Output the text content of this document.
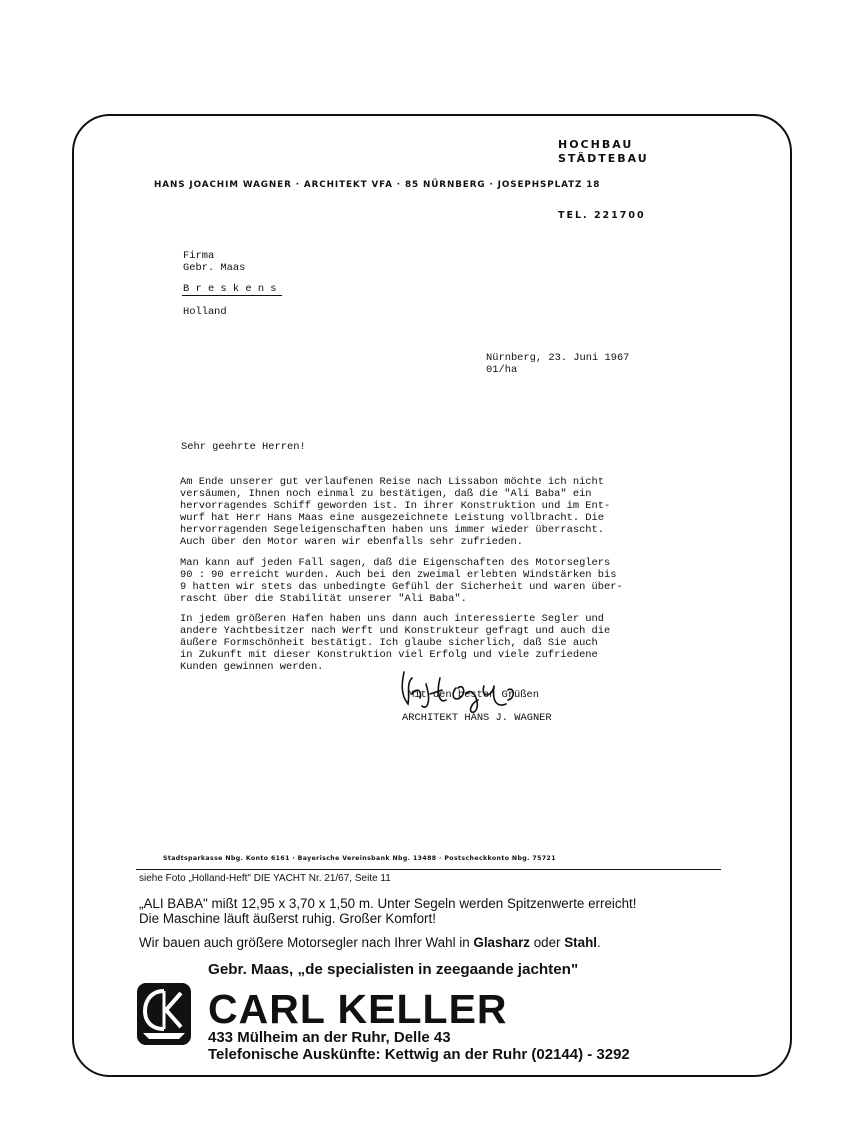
HOCHBAU
STÄDTEBAU
HANS JOACHIM WAGNER · ARCHITEKT VFA · 85 NÜRNBERG · JOSEPHSPLATZ 18
TEL. 221700
Firma
Gebr. Maas
B r e s k e n s
Holland
Nürnberg, 23. Juni 1967
01/ha
Sehr geehrte Herren!
Am Ende unserer gut verlaufenen Reise nach Lissabon möchte ich nicht
versäumen, Ihnen noch einmal zu bestätigen, daß die "Ali Baba" ein
hervorragendes Schiff geworden ist. In ihrer Konstruktion und im Ent-
wurf hat Herr Hans Maas eine ausgezeichnete Leistung vollbracht. Die
hervorragenden Segeleigenschaften haben uns immer wieder überrascht.
Auch über den Motor waren wir ebenfalls sehr zufrieden.
Man kann auf jeden Fall sagen, daß die Eigenschaften des Motorseglers
90 : 90 erreicht wurden. Auch bei den zweimal erlebten Windstärken bis
9 hatten wir stets das unbedingte Gefühl der Sicherheit und waren über-
rascht über die Stabilität unserer "Ali Baba".
In jedem größeren Hafen haben uns dann auch interessierte Segler und
andere Yachtbesitzer nach Werft und Konstrukteur gefragt und auch die
äußere Formschönheit bestätigt. Ich glaube sicherlich, daß Sie auch
in Zukunft mit dieser Konstruktion viel Erfolg und viele zufriedene
Kunden gewinnen werden.
Mit den besten Grüßen
ARCHITEKT HANS J. WAGNER
Stadtsparkasse Nbg. Konto 6161 · Bayerische Vereinsbank Nbg. 13488 · Postscheckkonto Nbg. 75721
siehe Foto „Holland-Heft" DIE YACHT Nr. 21/67, Seite 11
„ALI BABA" mißt 12,95 x 3,70 x 1,50 m. Unter Segeln werden Spitzenwerte erreicht!
Die Maschine läuft äußerst ruhig. Großer Komfort!
Wir bauen auch größere Motorsegler nach Ihrer Wahl in Glasharz oder Stahl.
Gebr. Maas, „de specialisten in zeegaande jachten"
CARL KELLER
433 Mülheim an der Ruhr, Delle 43
Telefonische Auskünfte: Kettwig an der Ruhr (02144) - 3292
